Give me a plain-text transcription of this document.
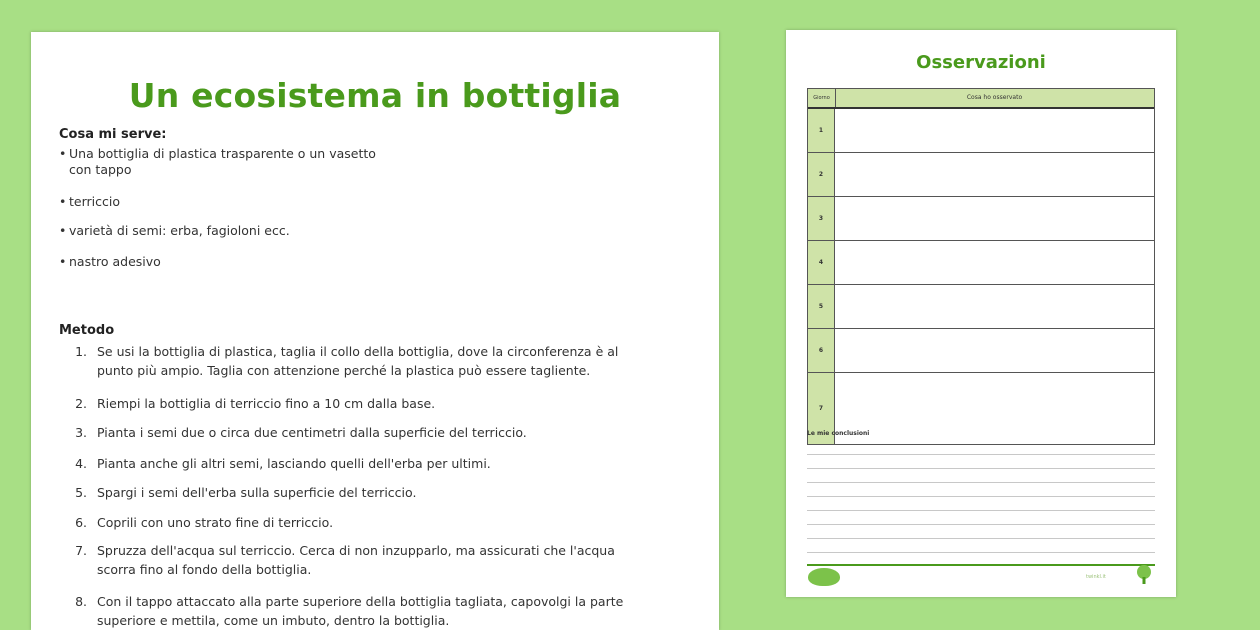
Un ecosistema in bottiglia
Cosa mi serve:
• Una bottiglia di plastica trasparente o un vasetto
con tappo
• terriccio
• varietà di semi: erba, fagioloni ecc.
• nastro adesivo
Metodo
1. Se usi la bottiglia di plastica, taglia il collo della bottiglia, dove la circonferenza è al
punto più ampio. Taglia con attenzione perché la plastica può essere tagliente.
2. Riempi la bottiglia di terriccio fino a 10 cm dalla base.
3. Pianta i semi due o circa due centimetri dalla superficie del terriccio.
4. Pianta anche gli altri semi, lasciando quelli dell'erba per ultimi.
5. Spargi i semi dell'erba sulla superficie del terriccio.
6. Coprili con uno strato fine di terriccio.
7. Spruzza dell'acqua sul terriccio. Cerca di non inzupparlo, ma assicurati che l'acqua
scorra fino al fondo della bottiglia.
8. Con il tappo attaccato alla parte superiore della bottiglia tagliata, capovolgi la parte
superiore e mettila, come un imbuto, dentro la bottiglia.
Osservazioni
Giorno	Cosa ho osservato
1
2
3
4
5
6
7
Le mie conclusioni
twinkl.it
